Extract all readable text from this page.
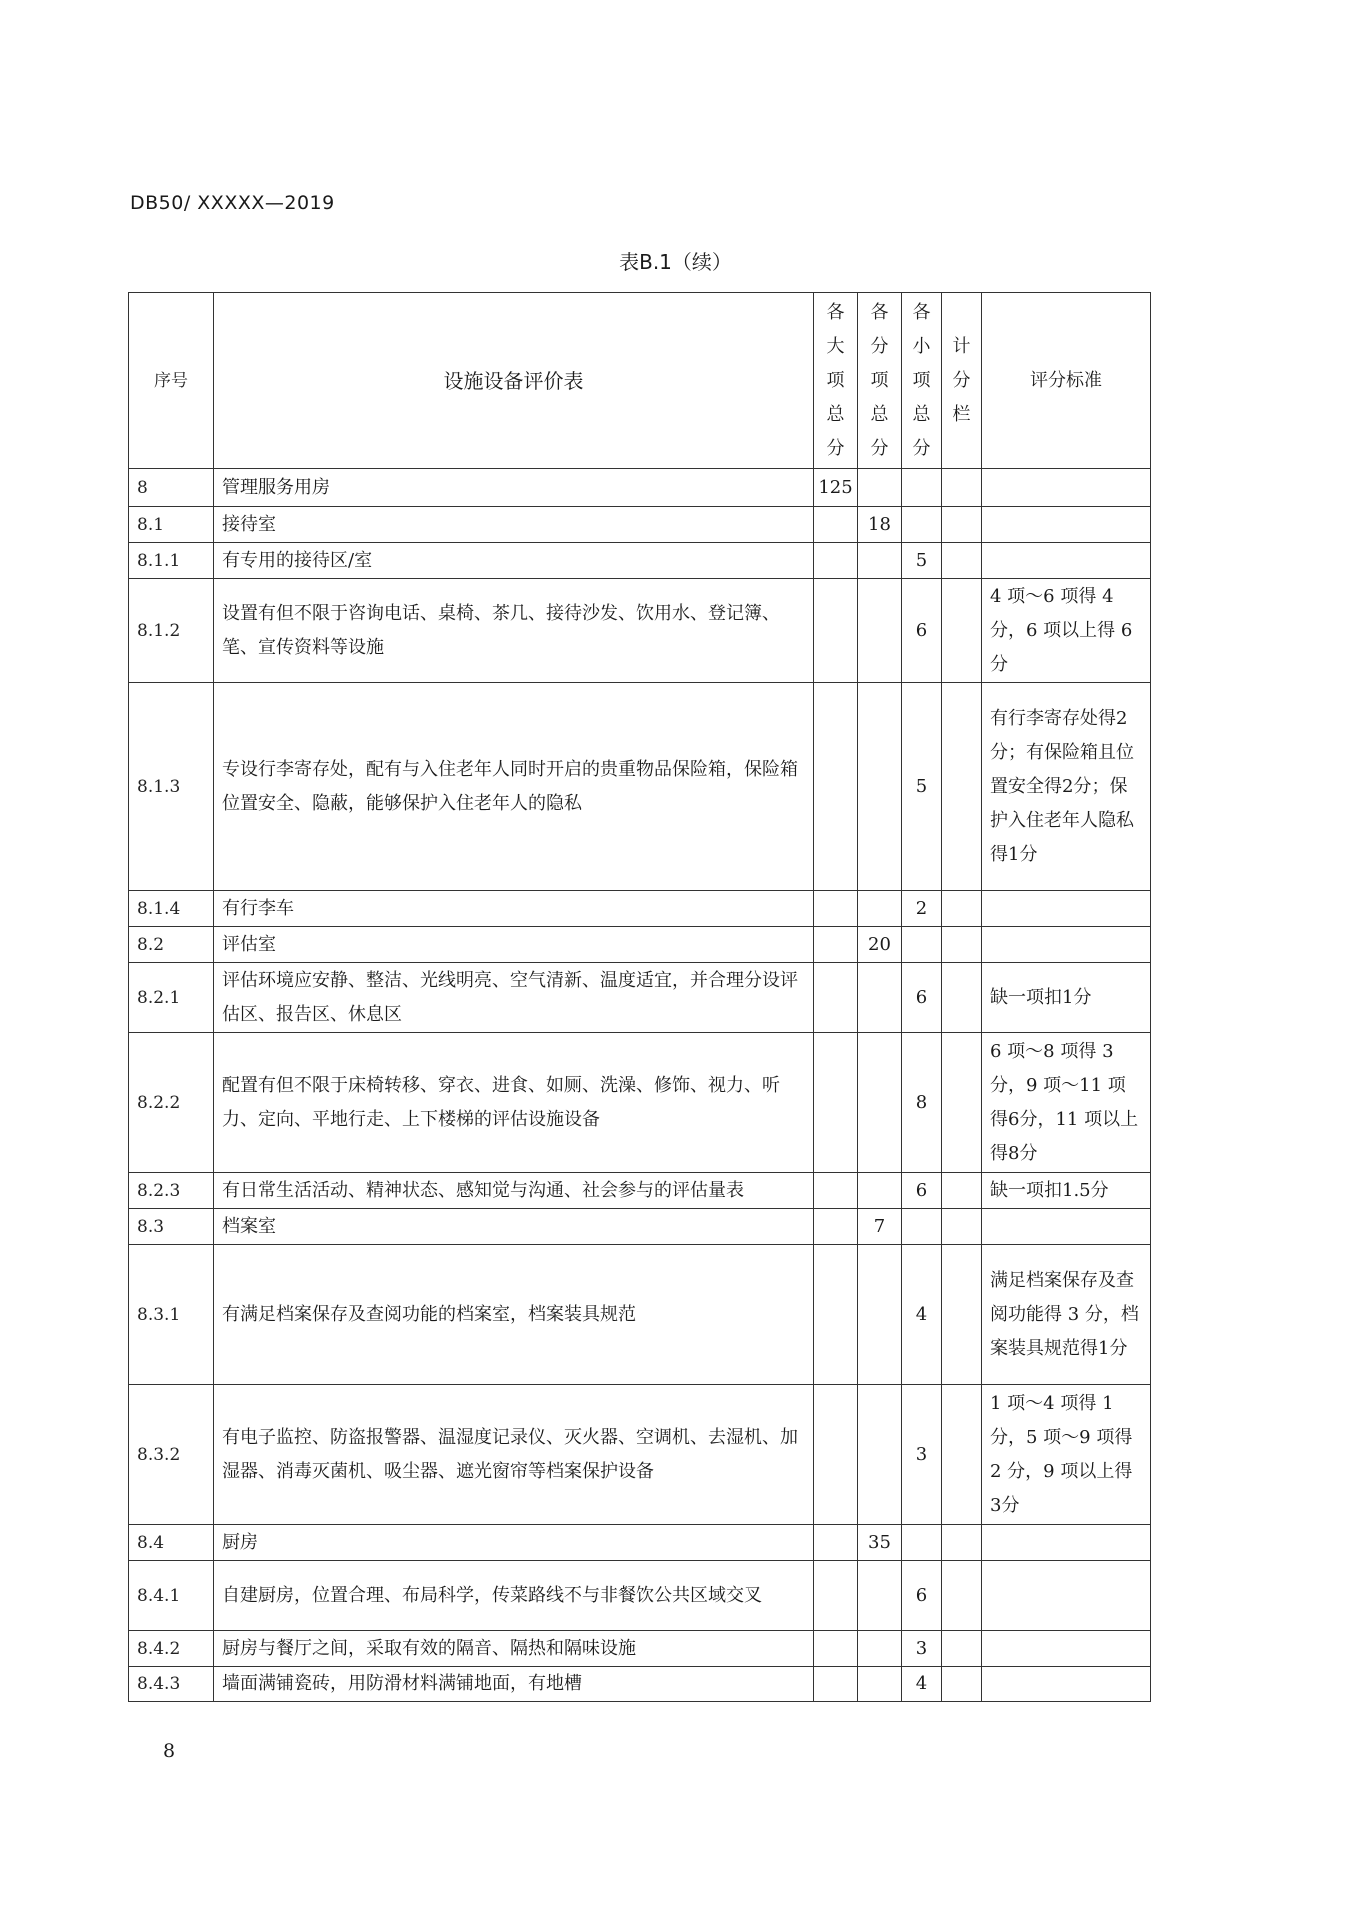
DB50/ XXXXX—2019
表B.1（续）
序号	设施设备评价表	各
大
项
总
分	各
分
项
总
分	各
小
项
总
分	计
分
栏	评分标准
8	管理服务用房	125				
8.1	接待室		18			
8.1.1	有专用的接待区/室			5		
8.1.2	设置有但不限于咨询电话、桌椅、茶几、接待沙发、饮用水、登记簿、笔、宣传资料等设施			6		4 项～6 项得 4 分，6 项以上得 6分
8.1.3	专设行李寄存处，配有与入住老年人同时开启的贵重物品保险箱，保险箱位置安全、隐蔽，能够保护入住老年人的隐私			5		有行李寄存处得2分；有保险箱且位置安全得2分；保护入住老年人隐私得1分
8.1.4	有行李车			2		
8.2	评估室		20			
8.2.1	评估环境应安静、整洁、光线明亮、空气清新、温度适宜，并合理分设评估区、报告区、休息区			6		缺一项扣1分
8.2.2	配置有但不限于床椅转移、穿衣、进食、如厕、洗澡、修饰、视力、听力、定向、平地行走、上下楼梯的评估设施设备			8		6 项～8 项得 3 分，9 项～11 项得6分，11 项以上得8分
8.2.3	有日常生活活动、精神状态、感知觉与沟通、社会参与的评估量表			6		缺一项扣1.5分
8.3	档案室		7			
8.3.1	有满足档案保存及查阅功能的档案室，档案装具规范			4		满足档案保存及查阅功能得 3 分，档案装具规范得1分
8.3.2	有电子监控、防盗报警器、温湿度记录仪、灭火器、空调机、去湿机、加湿器、消毒灭菌机、吸尘器、遮光窗帘等档案保护设备			3		1 项～4 项得 1 分，5 项～9 项得 2 分，9 项以上得3分
8.4	厨房		35			
8.4.1	自建厨房，位置合理、布局科学，传菜路线不与非餐饮公共区域交叉			6		
8.4.2	厨房与餐厅之间，采取有效的隔音、隔热和隔味设施			3		
8.4.3	墙面满铺瓷砖，用防滑材料满铺地面，有地槽			4		
8
